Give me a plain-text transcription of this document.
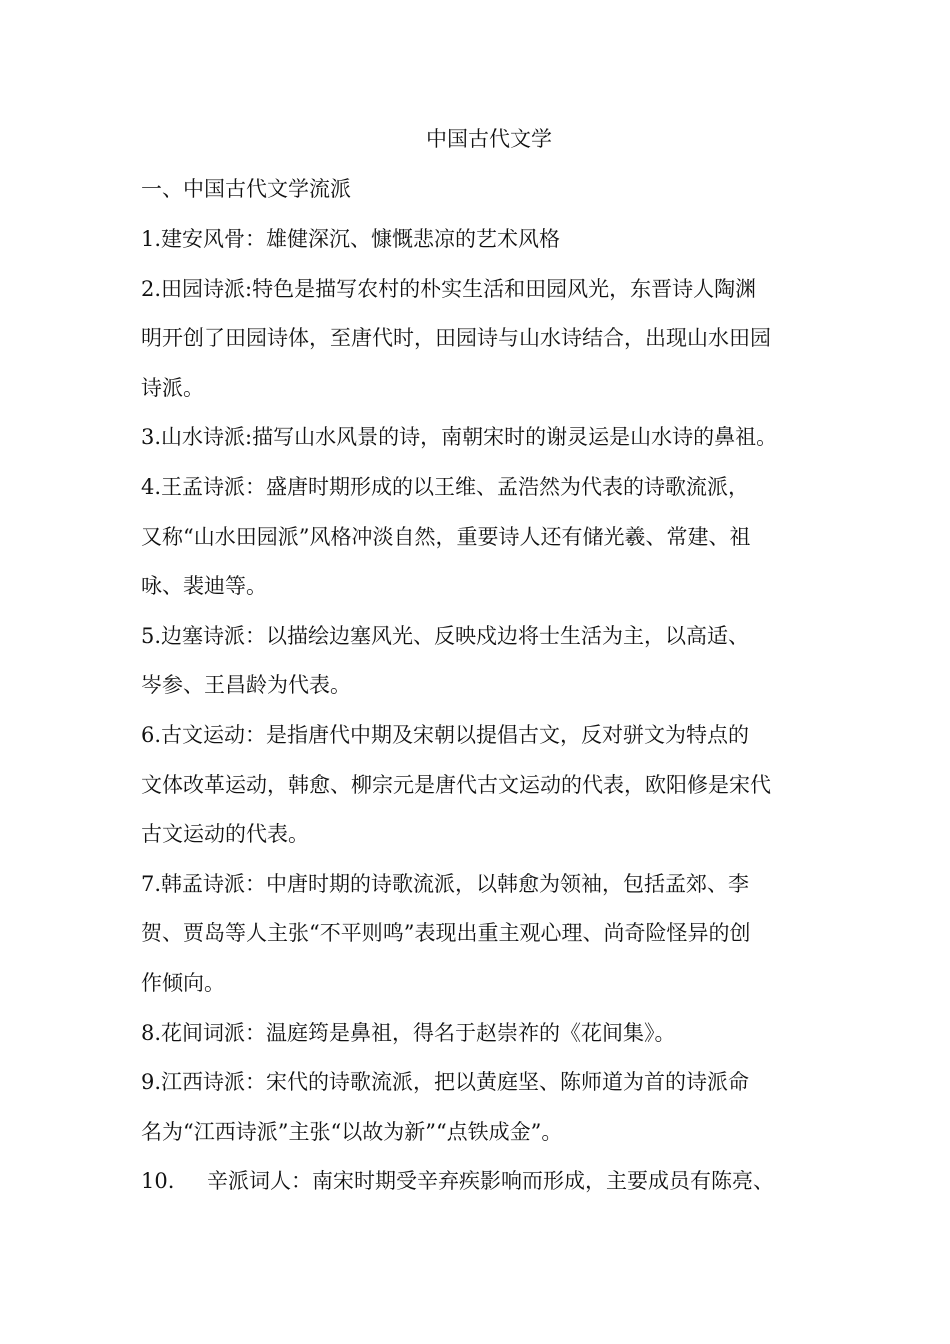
中国古代文学
一、中国古代文学流派
1.建安风骨：雄健深沉、慷慨悲凉的艺术风格
2.田园诗派:特色是描写农村的朴实生活和田园风光，东晋诗人陶渊
明开创了田园诗体，至唐代时，田园诗与山水诗结合，出现山水田园
诗派。
3.山水诗派:描写山水风景的诗，南朝宋时的谢灵运是山水诗的鼻祖。
4.王孟诗派：盛唐时期形成的以王维、孟浩然为代表的诗歌流派，
又称“山水田园派”风格冲淡自然，重要诗人还有储光羲、常建、祖
咏、裴迪等。
5.边塞诗派：以描绘边塞风光、反映戍边将士生活为主，以高适、
岑参、王昌龄为代表。
6.古文运动：是指唐代中期及宋朝以提倡古文，反对骈文为特点的
文体改革运动，韩愈、柳宗元是唐代古文运动的代表，欧阳修是宋代
古文运动的代表。
7.韩孟诗派：中唐时期的诗歌流派，以韩愈为领袖，包括孟郊、李
贺、贾岛等人主张“不平则鸣”表现出重主观心理、尚奇险怪异的创
作倾向。
8.花间词派：温庭筠是鼻祖，得名于赵崇祚的《花间集》。
9.江西诗派：宋代的诗歌流派，把以黄庭坚、陈师道为首的诗派命
名为“江西诗派”主张“以故为新”“点铁成金”。
10. 辛派词人：南宋时期受辛弃疾影响而形成，主要成员有陈亮、
